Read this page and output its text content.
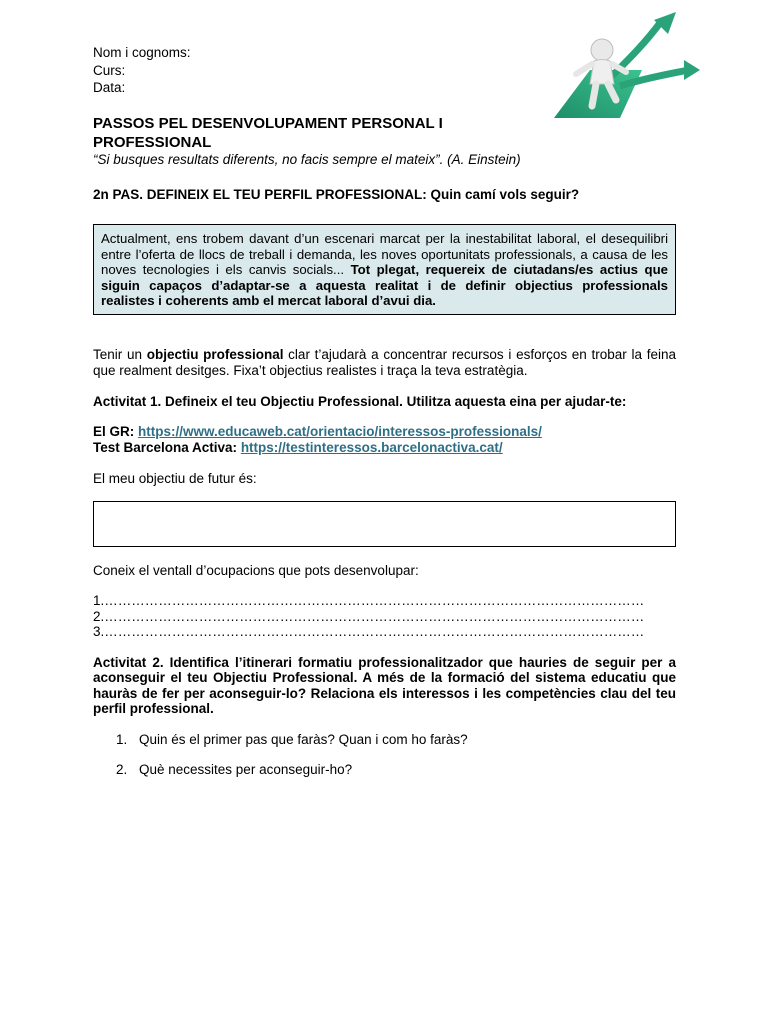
Nom i cognoms:
Curs:
Data:
PASSOS PEL DESENVOLUPAMENT PERSONAL I PROFESSIONAL
“Si busques resultats diferents, no facis sempre el mateix”. (A. Einstein)
2n PAS. DEFINEIX EL TEU PERFIL PROFESSIONAL: Quin camí vols seguir?
Actualment, ens trobem davant d’un escenari marcat per la inestabilitat laboral, el desequilibri entre l’oferta de llocs de treball i demanda, les noves oportunitats professionals, a causa de les noves tecnologies i els canvis socials... Tot plegat, requereix de ciutadans/es actius que siguin capaços d’adaptar-se a aquesta realitat i de definir objectius professionals realistes i coherents amb el mercat laboral d’avui dia.
Tenir un objectiu professional clar t’ajudarà a concentrar recursos i esforços en trobar la feina que realment desitges. Fixa’t objectius realistes i traça la teva estratègia.
Activitat 1. Defineix el teu Objectiu Professional. Utilitza aquesta eina per ajudar-te:
El GR: https://www.educaweb.cat/orientacio/interessos-professionals/
Test Barcelona Activa: https://testinteressos.barcelonactiva.cat/
El meu objectiu de futur és:
Coneix el ventall d’ocupacions que pots desenvolupar:
1.…………………………………………………………………………………………………………
2.…………………………………………………………………………………………………………
3.…………………………………………………………………………………………………………
Activitat 2. Identifica l’itinerari formatiu professionalitzador que hauries de seguir per a aconseguir el teu Objectiu Professional. A més de la formació del sistema educatiu que hauràs de fer per aconseguir-lo? Relaciona els interessos i les competències clau del teu perfil professional.
1. Quin és el primer pas que faràs? Quan i com ho faràs?
2. Què necessites per aconseguir-ho?
